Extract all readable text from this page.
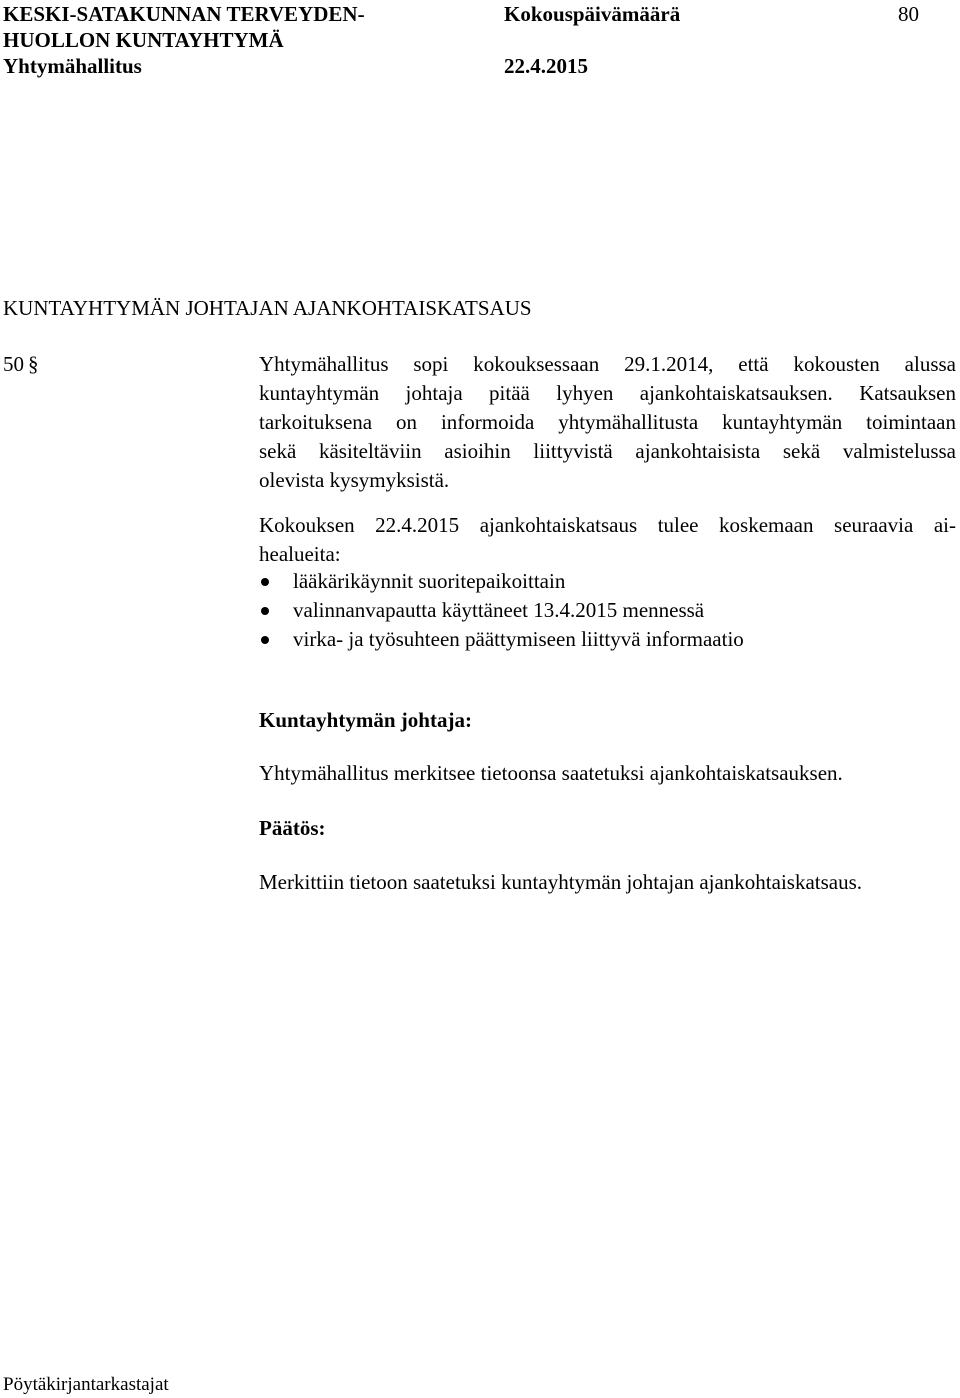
KESKI-SATAKUNNAN TERVEYDEN-
HUOLLON KUNTAYHTYMÄ
Yhtymähallitus
Kokouspäivämäärä	80
22.4.2015
KUNTAYHTYMÄN JOHTAJAN AJANKOHTAISKATSAUS
50 §	Yhtymähallitus sopi kokouksessaan 29.1.2014, että kokousten alussa
kuntayhtymän johtaja pitää lyhyen ajankohtaiskatsauksen. Katsauksen
tarkoituksena on informoida yhtymähallitusta kuntayhtymän toimintaan
sekä käsiteltäviin asioihin liittyvistä ajankohtaisista sekä valmistelussa
olevista kysymyksistä.
Kokouksen 22.4.2015 ajankohtaiskatsaus tulee koskemaan seuraavia ai-
healueita:
lääkärikäynnit suoritepaikoittain
valinnanvapautta käyttäneet 13.4.2015 mennessä
virka- ja työsuhteen päättymiseen liittyvä informaatio
Kuntayhtymän johtaja:
Yhtymähallitus merkitsee tietoonsa saatetuksi ajankohtaiskatsauksen.
Päätös:
Merkittiin tietoon saatetuksi kuntayhtymän johtajan ajankohtaiskatsaus.
Pöytäkirjantarkastajat
